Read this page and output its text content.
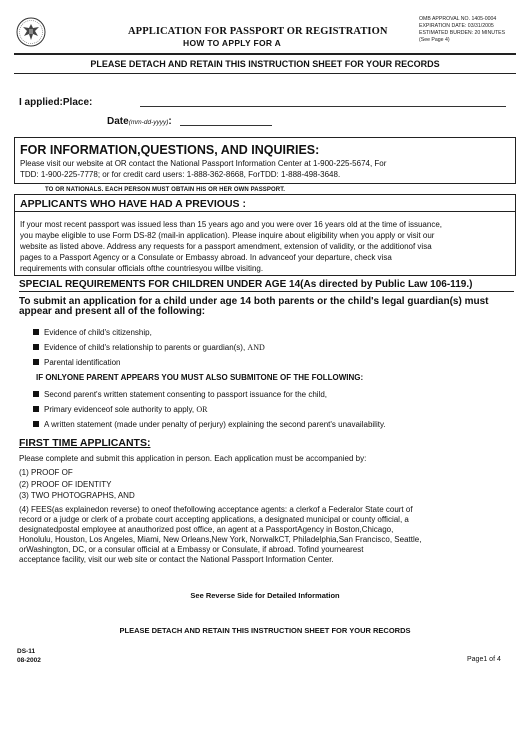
APPLICATION FOR PASSPORT OR REGISTRATION
HOW TO APPLY FOR A
OMB APPROVAL NO. 1405-0004
EXPIRATION DATE: 03/31/2005
ESTIMATED BURDEN: 20 MINUTES
(See Page 4)
PLEASE DETACH AND RETAIN THIS INSTRUCTION SHEET FOR YOUR RECORDS
I applied:Place:
Date(mm-dd-yyyy):
FOR INFORMATION,QUESTIONS, AND INQUIRIES:
Please visit our website at OR contact the National Passport Information Center at 1-900-225-5674, For
TDD: 1-900-225-7778; or for credit card users: 1-888-362-8668, ForTDD: 1-888-498-3648.
TO OR NATIONALS. EACH PERSON MUST OBTAIN HIS OR HER OWN PASSPORT.
APPLICANTS WHO HAVE HAD A PREVIOUS :
If your most recent passport was issued less than 15 years ago and you were over 16 years old at the time of issuance,
you maybe eligible to use Form DS-82 (mail-in application). Please inquire about eligibility when you apply or visit our
website as listed above. Address any requests for a passport amendment, extension of validity, or the additionof visa
pages to a Passport Agency or a Consulate or Embassy abroad. In advanceof your departure, check visa
requirements with consular officials ofthe countriesyou willbe visiting.
SPECIAL REQUIREMENTS FOR CHILDREN UNDER AGE 14(As directed by Public Law 106-119.)
To submit an application for a child under age 14 both parents or the child's legal guardian(s) must
appear and present all of the following:
Evidence of child's citizenship,
Evidence of child's relationship to parents or guardian(s), AND
Parental identification
IF ONLYONE PARENT APPEARS YOU MUST ALSO SUBMITONE OF THE FOLLOWING:
Second parent's written statement consenting to passport issuance for the child,
Primary evidenceof sole authority to apply, OR
A written statement (made under penalty of perjury) explaining the second parent's unavailability.
FIRST TIME APPLICANTS:
Please complete and submit this application in person. Each application must be accompanied by:
(1) PROOF OF
(2) PROOF OF IDENTITY
(3) TWO PHOTOGRAPHS, AND
(4) FEES(as explainedon reverse) to oneof thefollowing acceptance agents: a clerkof a Federalor State court of
record or a judge or clerk of a probate court accepting applications, a designated municipal or county official, a
designatedpostal employee at anauthorized post office, an agent at a PassportAgency in Boston,Chicago,
Honolulu, Houston, Los Angeles, Miami, New Orleans,New York, NorwalkCT, Philadelphia,San Francisco, Seattle,
orWashington, DC, or a consular official at a Embassy or Consulate, if abroad. Tofind yournearest
acceptance facility, visit our web site or contact the National Passport Information Center.
See Reverse Side for Detailed Information
PLEASE DETACH AND RETAIN THIS INSTRUCTION SHEET FOR YOUR RECORDS
DS-11
08-2002	Page1 of 4
